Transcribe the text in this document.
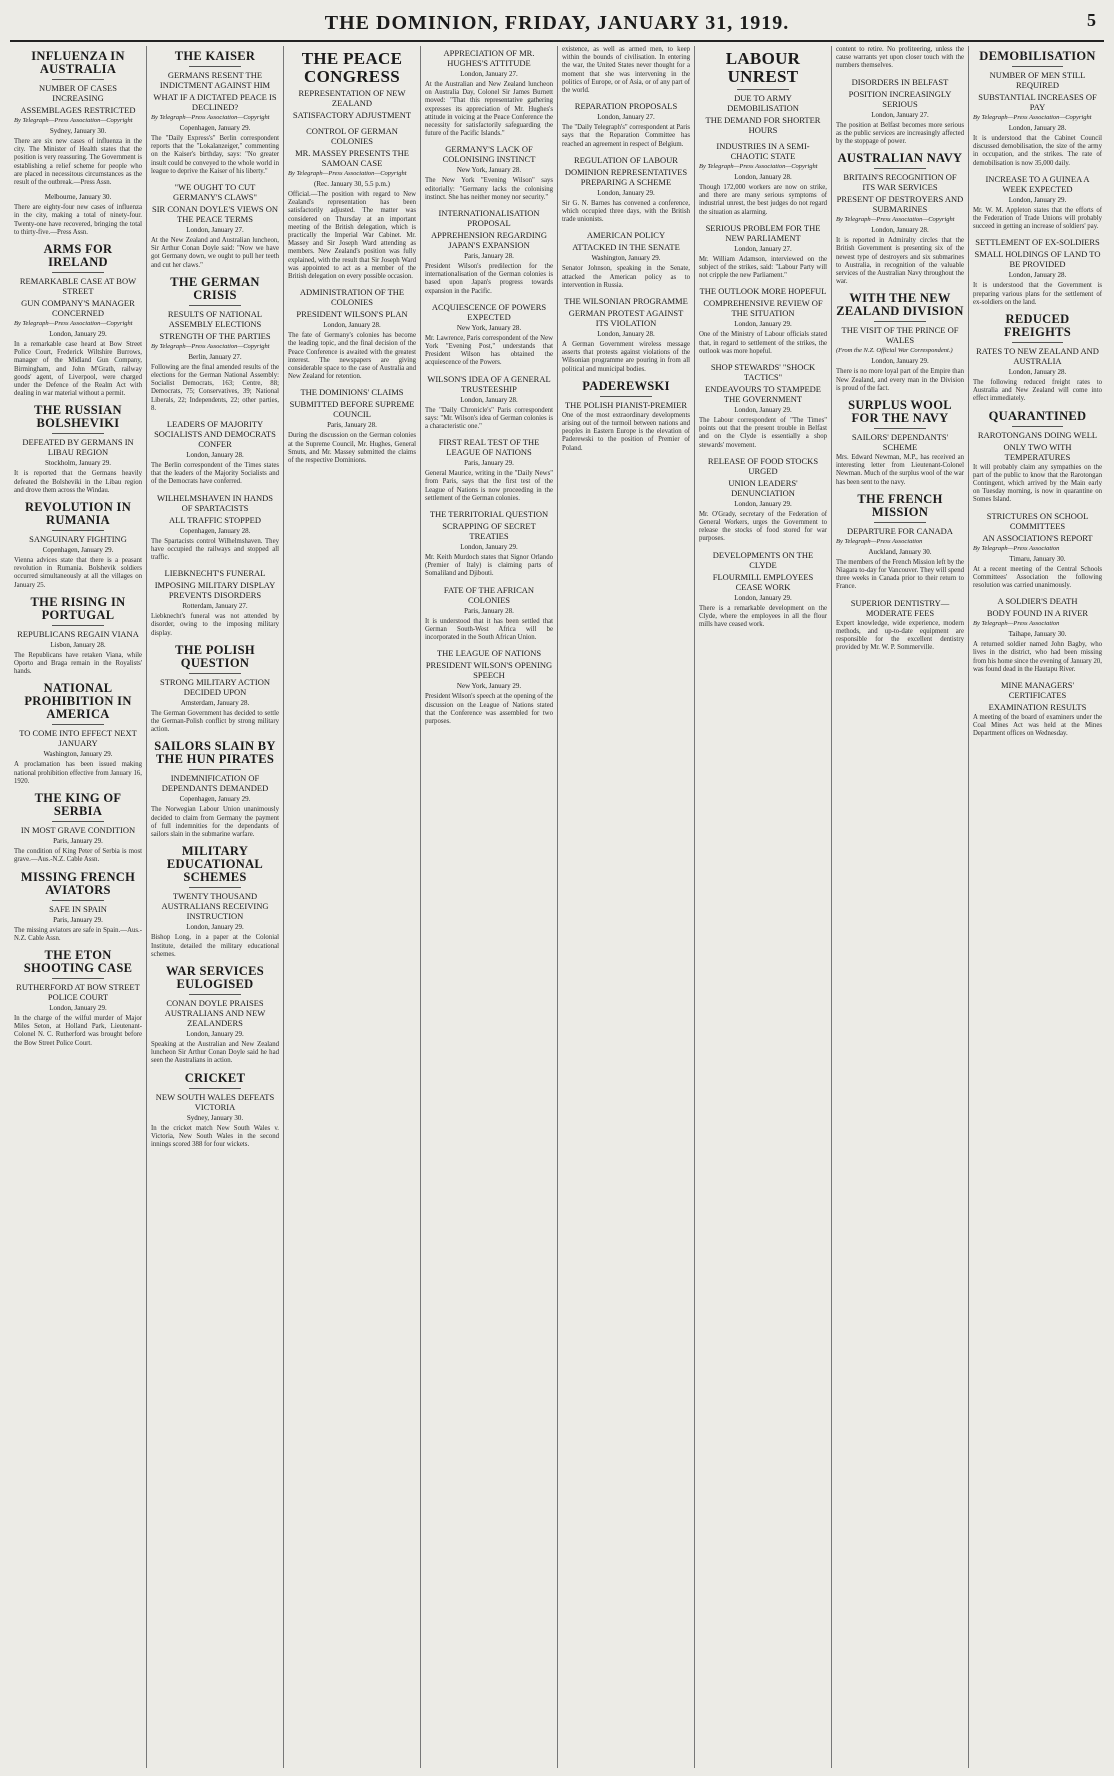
THE DOMINION, FRIDAY, JANUARY 31, 1919.	5
INFLUENZA IN AUSTRALIA
NUMBER OF CASES INCREASING
ASSEMBLAGES RESTRICTED
By Telegraph—Press Association—Copyright
Sydney, January 30.

There are six new cases of influenza in the city. The Minister of Health states that the position is very reassuring. The Government is establishing a relief scheme for people who are placed in necessitous circumstances as the result of the outbreak.—Press Assn.

Melbourne, January 30.

There are eighty-four new cases of influenza in the city, making a total of ninety-four. Twenty-one have recovered, bringing the total to thirty-five.—Press Assn.

ARMS FOR IRELAND
REMARKABLE CASE AT BOW STREET
GUN COMPANY'S MANAGER CONCERNED
By Telegraph—Press Association—Copyright
London, January 29.

In a remarkable case heard at Bow Street Police Court, Frederick Wiltshire Burrows, manager of the Midland Gun Company, Birmingham, and John M'Grath, railway goods' agent, of Liverpool, were charged under the Defence of the Realm Act with dealing in war material without a permit.

THE RUSSIAN BOLSHEVIKI
DEFEATED BY GERMANS IN LIBAU REGION
Stockholm, January 29.

It is reported that the Germans heavily defeated the Bolsheviki in the Libau region and drove them across the Windau.

REVOLUTION IN RUMANIA
SANGUINARY FIGHTING
Copenhagen, January 29.

Vienna advices state that there is a peasant revolution in Rumania. Bolshevik soldiers occurred simultaneously at all the villages on January 25.

THE RISING IN PORTUGAL
REPUBLICANS REGAIN VIANA
Lisbon, January 28.

The Republicans have retaken Viana, while Oporto and Braga remain in the Royalists' hands.

NATIONAL PROHIBITION IN AMERICA
TO COME INTO EFFECT NEXT JANUARY
Washington, January 29.

A proclamation has been issued making national prohibition effective from January 16, 1920.

THE KING OF SERBIA
IN MOST GRAVE CONDITION
Paris, January 29.

The condition of King Peter of Serbia is most grave.—Aus.-N.Z. Cable Assn.

MISSING FRENCH AVIATORS
SAFE IN SPAIN
Paris, January 29.

The missing aviators are safe in Spain.—Aus.-N.Z. Cable Assn.

THE ETON SHOOTING CASE
RUTHERFORD AT BOW STREET POLICE COURT
London, January 29.

In the charge of the wilful murder of Major Miles Seton, at Holland Park, Lieutenant-Colonel N. C. Rutherford was brought before the Bow Street Police Court.

THE KAISER
GERMANS RESENT THE INDICTMENT AGAINST HIM
WHAT IF A DICTATED PEACE IS DECLINED?
By Telegraph—Press Association—Copyright
Copenhagen, January 29.

The "Daily Express's" Berlin correspondent reports that the "Lokalanzeiger," commenting on the Kaiser's birthday, says: "No greater insult could be conveyed to the whole world in league to deprive the Kaiser of his liberty."

"WE OUGHT TO CUT GERMANY'S CLAWS"
SIR CONAN DOYLE'S VIEWS ON THE PEACE TERMS
London, January 27.

At the New Zealand and Australian luncheon, Sir Arthur Conan Doyle said: "Now we have got Germany down, we ought to pull her teeth and cut her claws."

THE GERMAN CRISIS
RESULTS OF NATIONAL ASSEMBLY ELECTIONS
STRENGTH OF THE PARTIES
By Telegraph—Press Association—Copyright
Berlin, January 27.

Following are the final amended results of the elections for the German National Assembly: Socialist Democrats, 163; Centre, 88; Democrats, 75; Conservatives, 39; National Liberals, 22; Independents, 22; other parties, 8.

LEADERS OF MAJORITY SOCIALISTS AND DEMOCRATS CONFER
London, January 28.

The Berlin correspondent of the Times states that the leaders of the Majority Socialists and of the Democrats have conferred.

WILHELMSHAVEN IN HANDS OF SPARTACISTS
ALL TRAFFIC STOPPED
Copenhagen, January 28.

The Spartacists control Wilhelmshaven. They have occupied the railways and stopped all traffic.

LIEBKNECHT'S FUNERAL
IMPOSING MILITARY DISPLAY PREVENTS DISORDERS
Rotterdam, January 27.

Liebknecht's funeral was not attended by disorder, owing to the imposing military display.

THE POLISH QUESTION
STRONG MILITARY ACTION DECIDED UPON
Amsterdam, January 28.

The German Government has decided to settle the German-Polish conflict by strong military action.

SAILORS SLAIN BY THE HUN PIRATES
INDEMNIFICATION OF DEPENDANTS DEMANDED
Copenhagen, January 29.

The Norwegian Labour Union unanimously decided to claim from Germany the payment of full indemnities for the dependants of sailors slain in the submarine warfare.

MILITARY EDUCATIONAL SCHEMES
TWENTY THOUSAND AUSTRALIANS RECEIVING INSTRUCTION
London, January 29.

Bishop Long, in a paper at the Colonial Institute, detailed the military educational schemes.

WAR SERVICES EULOGISED
CONAN DOYLE PRAISES AUSTRALIANS AND NEW ZEALANDERS
London, January 29.

Speaking at the Australian and New Zealand luncheon Sir Arthur Conan Doyle said he had seen the Australians in action.

CRICKET
NEW SOUTH WALES DEFEATS VICTORIA
Sydney, January 30.

In the cricket match New South Wales v. Victoria, New South Wales in the second innings scored 388 for four wickets.

THE PEACE CONGRESS
REPRESENTATION OF NEW ZEALAND
SATISFACTORY ADJUSTMENT
CONTROL OF GERMAN COLONIES
MR. MASSEY PRESENTS THE SAMOAN CASE
By Telegraph—Press Association—Copyright
(Rec. January 30, 5.5 p.m.)

Official.—The position with regard to New Zealand's representation has been satisfactorily adjusted. The matter was considered on Thursday at an important meeting of the British delegation, which is practically the Imperial War Cabinet. Mr. Massey and Sir Joseph Ward attending as members. New Zealand's position was fully explained, with the result that Sir Joseph Ward was appointed to act as a member of the British delegation on every possible occasion.

ADMINISTRATION OF THE COLONIES
PRESIDENT WILSON'S PLAN
London, January 28.

The fate of Germany's colonies has become the leading topic, and the final decision of the Peace Conference is awaited with the greatest interest. The newspapers are giving considerable space to the case of Australia and New Zealand for retention.

THE DOMINIONS' CLAIMS
SUBMITTED BEFORE SUPREME COUNCIL
Paris, January 28.

During the discussion on the German colonies at the Supreme Council, Mr. Hughes, General Smuts, and Mr. Massey submitted the claims of the respective Dominions.

APPRECIATION OF MR. HUGHES'S ATTITUDE
London, January 27.

At the Australian and New Zealand luncheon on Australia Day, Colonel Sir James Burnett moved: "That this representative gathering expresses its appreciation of Mr. Hughes's attitude in voicing at the Peace Conference the necessity for satisfactorily safeguarding the future of the Pacific Islands."

GERMANY'S LACK OF COLONISING INSTINCT
New York, January 28.

The New York "Evening Wilson" says editorially: "Germany lacks the colonising instinct. She has neither money nor security."

INTERNATIONALISATION PROPOSAL
APPREHENSION REGARDING JAPAN'S EXPANSION
Paris, January 28.

President Wilson's predilection for the internationalisation of the German colonies is based upon Japan's progress towards expansion in the Pacific.

ACQUIESCENCE OF POWERS EXPECTED
New York, January 28.

Mr. Lawrence, Paris correspondent of the New York "Evening Post," understands that President Wilson has obtained the acquiescence of the Powers.

WILSON'S IDEA OF A GENERAL TRUSTEESHIP
London, January 28.

The "Daily Chronicle's" Paris correspondent says: "Mr. Wilson's idea of German colonies is a characteristic one."

FIRST REAL TEST OF THE LEAGUE OF NATIONS
Paris, January 29.

General Maurice, writing in the "Daily News" from Paris, says that the first test of the League of Nations is now proceeding in the settlement of the German colonies.

THE TERRITORIAL QUESTION
SCRAPPING OF SECRET TREATIES
London, January 29.

Mr. Keith Murdoch states that Signor Orlando (Premier of Italy) is claiming parts of Somaliland and Djibouti.

FATE OF THE AFRICAN COLONIES
Paris, January 28.

It is understood that it has been settled that German South-West Africa will be incorporated in the South African Union.

THE LEAGUE OF NATIONS
PRESIDENT WILSON'S OPENING SPEECH
New York, January 29.

President Wilson's speech at the opening of the discussion on the League of Nations stated that the Conference was assembled for two purposes.

existence, as well as armed men, to keep within the bounds of civilisation. In entering the war, the United States never thought for a moment that she was intervening in the politics of Europe, or of Asia, or of any part of the world.

REPARATION PROPOSALS
London, January 27.

The "Daily Telegraph's" correspondent at Paris says that the Reparation Committee has reached an agreement in respect of Belgium.

REGULATION OF LABOUR
DOMINION REPRESENTATIVES PREPARING A SCHEME
London, January 29.

Sir G. N. Barnes has convened a conference, which occupied three days, with the British trade unionists.

AMERICAN POLICY
ATTACKED IN THE SENATE
Washington, January 29.

Senator Johnson, speaking in the Senate, attacked the American policy as to intervention in Russia.

THE WILSONIAN PROGRAMME
GERMAN PROTEST AGAINST ITS VIOLATION
London, January 28.

A German Government wireless message asserts that protests against violations of the Wilsonian programme are pouring in from all political and municipal bodies.

PADEREWSKI
THE POLISH PIANIST-PREMIER

One of the most extraordinary developments arising out of the turmoil between nations and peoples in Eastern Europe is the elevation of Paderewski to the position of Premier of Poland.

LABOUR UNREST
DUE TO ARMY DEMOBILISATION
THE DEMAND FOR SHORTER HOURS
INDUSTRIES IN A SEMI-CHAOTIC STATE
By Telegraph—Press Association—Copyright
London, January 28.

Though 172,000 workers are now on strike, and there are many serious symptoms of industrial unrest, the best judges do not regard the situation as alarming.

SERIOUS PROBLEM FOR THE NEW PARLIAMENT
London, January 27.

Mr. William Adamson, interviewed on the subject of the strikes, said: "Labour Party will not cripple the new Parliament."

THE OUTLOOK MORE HOPEFUL
COMPREHENSIVE REVIEW OF THE SITUATION
London, January 29.

One of the Ministry of Labour officials stated that, in regard to settlement of the strikes, the outlook was more hopeful.

SHOP STEWARDS' "SHOCK TACTICS"
ENDEAVOURS TO STAMPEDE THE GOVERNMENT
London, January 29.

The Labour correspondent of "The Times" points out that the present trouble in Belfast and on the Clyde is essentially a shop stewards' movement.

RELEASE OF FOOD STOCKS URGED
UNION LEADERS' DENUNCIATION
London, January 29.

Mr. O'Grady, secretary of the Federation of General Workers, urges the Government to release the stocks of food stored for war purposes.

DEVELOPMENTS ON THE CLYDE
FLOURMILL EMPLOYEES CEASE WORK
London, January 29.

There is a remarkable development on the Clyde, where the employees in all the flour mills have ceased work.

content to retire. No profiteering, unless the cause warrants yet upon closer touch with the numbers themselves.

DISORDERS IN BELFAST
POSITION INCREASINGLY SERIOUS
London, January 27.

The position at Belfast becomes more serious as the public services are increasingly affected by the stoppage of power.

AUSTRALIAN NAVY
BRITAIN'S RECOGNITION OF ITS WAR SERVICES
PRESENT OF DESTROYERS AND SUBMARINES
By Telegraph—Press Association—Copyright
London, January 28.

It is reported in Admiralty circles that the British Government is presenting six of the newest type of destroyers and six submarines to Australia, in recognition of the valuable services of the Australian Navy throughout the war.

WITH THE NEW ZEALAND DIVISION
THE VISIT OF THE PRINCE OF WALES
(From the N.Z. Official War Correspondent.)
London, January 29.

There is no more loyal part of the Empire than New Zealand, and every man in the Division is proud of the fact.

SURPLUS WOOL FOR THE NAVY
SAILORS' DEPENDANTS' SCHEME

Mrs. Edward Newman, M.P., has received an interesting letter from Lieutenant-Colonel Newman. Much of the surplus wool of the war has been sent to the navy.

THE FRENCH MISSION
DEPARTURE FOR CANADA
By Telegraph—Press Association
Auckland, January 30.

The members of the French Mission left by the Niagara to-day for Vancouver. They will spend three weeks in Canada prior to their return to France.

SUPERIOR DENTISTRY—MODERATE FEES

Expert knowledge, wide experience, modern methods, and up-to-date equipment are responsible for the excellent dentistry provided by Mr. W. P. Sommerville.

DEMOBILISATION
NUMBER OF MEN STILL REQUIRED
SUBSTANTIAL INCREASES OF PAY
By Telegraph—Press Association—Copyright
London, January 28.

It is understood that the Cabinet Council discussed demobilisation, the size of the army in occupation, and the strikes. The rate of demobilisation is now 35,000 daily.

INCREASE TO A GUINEA A WEEK EXPECTED
London, January 29.

Mr. W. M. Appleton states that the efforts of the Federation of Trade Unions will probably succeed in getting an increase of soldiers' pay.

SETTLEMENT OF EX-SOLDIERS
SMALL HOLDINGS OF LAND TO BE PROVIDED
London, January 28.

It is understood that the Government is preparing various plans for the settlement of ex-soldiers on the land.

REDUCED FREIGHTS
RATES TO NEW ZEALAND AND AUSTRALIA
London, January 28.

The following reduced freight rates to Australia and New Zealand will come into effect immediately.

QUARANTINED
RAROTONGANS DOING WELL
ONLY TWO WITH TEMPERATURES

It will probably claim any sympathies on the part of the public to know that the Rarotongan Contingent, which arrived by the Main early on Tuesday morning, is now in quarantine on Somes Island.

STRICTURES ON SCHOOL COMMITTEES
AN ASSOCIATION'S REPORT
By Telegraph—Press Association
Timaru, January 30.

At a recent meeting of the Central Schools Committees' Association the following resolution was carried unanimously.

A SOLDIER'S DEATH
BODY FOUND IN A RIVER
By Telegraph—Press Association
Taihape, January 30.

A returned soldier named John Bagby, who lives in the district, who had been missing from his home since the evening of January 20, was found dead in the Hautapu River.

MINE MANAGERS' CERTIFICATES
EXAMINATION RESULTS

A meeting of the board of examiners under the Coal Mines Act was held at the Mines Department offices on Wednesday.
